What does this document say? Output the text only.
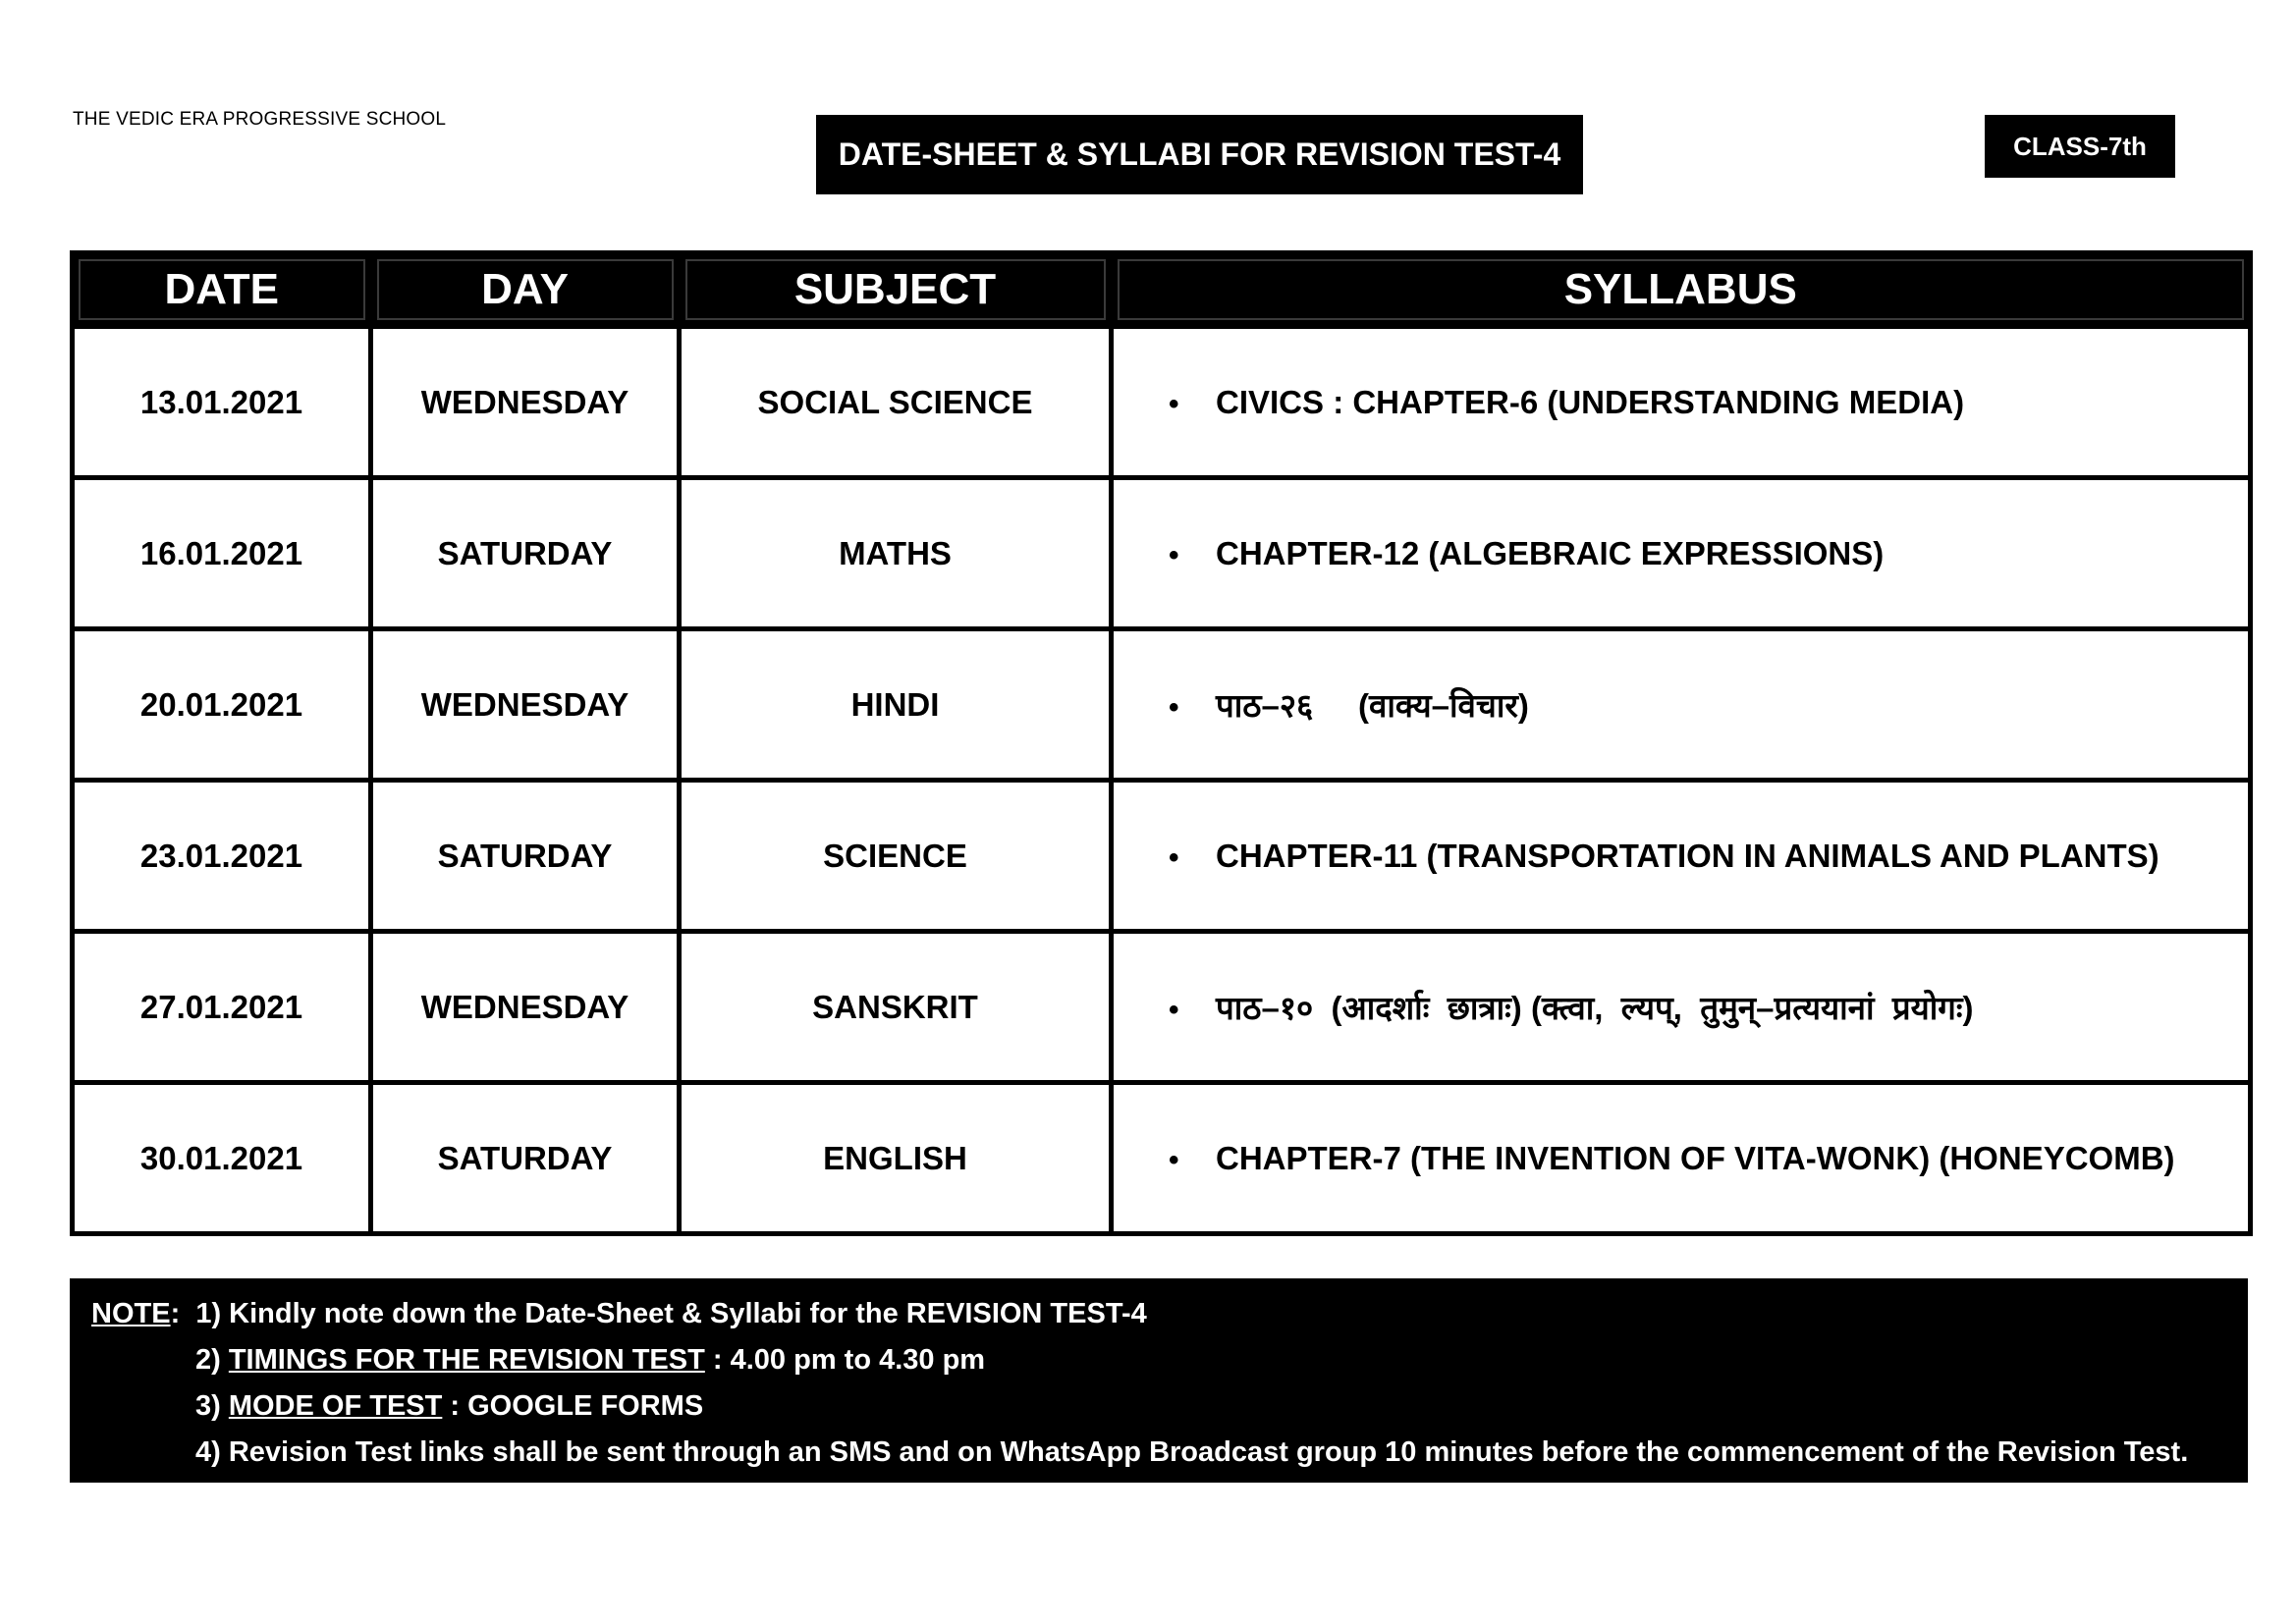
THE VEDIC ERA PROGRESSIVE SCHOOL
DATE-SHEET & SYLLABI FOR REVISION TEST-4	CLASS-7th
DATE	DAY	SUBJECT	SYLLABUS
13.01.2021	WEDNESDAY	SOCIAL SCIENCE	• CIVICS : CHAPTER-6 (UNDERSTANDING MEDIA)
16.01.2021	SATURDAY	MATHS	• CHAPTER-12 (ALGEBRAIC EXPRESSIONS)
20.01.2021	WEDNESDAY	HINDI	• पाठ–२६     (वाक्य–विचार)
23.01.2021	SATURDAY	SCIENCE	• CHAPTER-11 (TRANSPORTATION IN ANIMALS AND PLANTS)
27.01.2021	WEDNESDAY	SANSKRIT	• पाठ–१०  (आदर्शाः  छात्राः) (क्त्वा,  ल्यप्,  तुमुन्–प्रत्ययानां  प्रयोगः)
30.01.2021	SATURDAY	ENGLISH	• CHAPTER-7 (THE INVENTION OF VITA-WONK) (HONEYCOMB)
NOTE:  1) Kindly note down the Date-Sheet & Syllabi for the REVISION TEST-4
2) TIMINGS FOR THE REVISION TEST : 4.00 pm to 4.30 pm
3) MODE OF TEST : GOOGLE FORMS
4) Revision Test links shall be sent through an SMS and on WhatsApp Broadcast group 10 minutes before the commencement of the Revision Test.
